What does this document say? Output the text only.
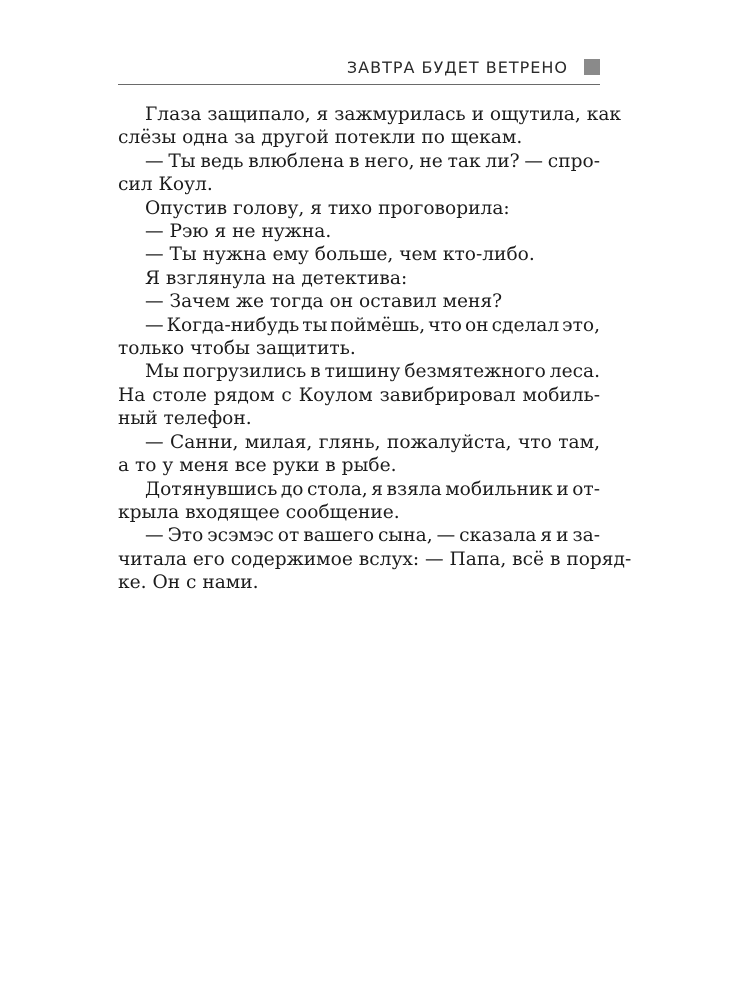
ЗАВТРА БУДЕТ ВЕТРЕНО
Глаза защипало, я зажмурилась и ощутила, как
слёзы одна за другой потекли по щекам.
— Ты ведь влюблена в него, не так ли? — спро-
сил Коул.
Опустив голову, я тихо проговорила:
— Рэю я не нужна.
— Ты нужна ему больше, чем кто-либо.
Я взглянула на детектива:
— Зачем же тогда он оставил меня?
— Когда-нибудь ты поймёшь, что он сделал это,
только чтобы защитить.
Мы погрузились в тишину безмятежного леса.
На столе рядом с Коулом завибрировал мобиль-
ный телефон.
— Санни, милая, глянь, пожалуйста, что там,
а то у меня все руки в рыбе.
Дотянувшись до стола, я взяла мобильник и от-
крыла входящее сообщение.
— Это эсэмэс от вашего сына, — сказала я и за-
читала его содержимое вслух: — Папа, всё в поряд-
ке. Он с нами.
